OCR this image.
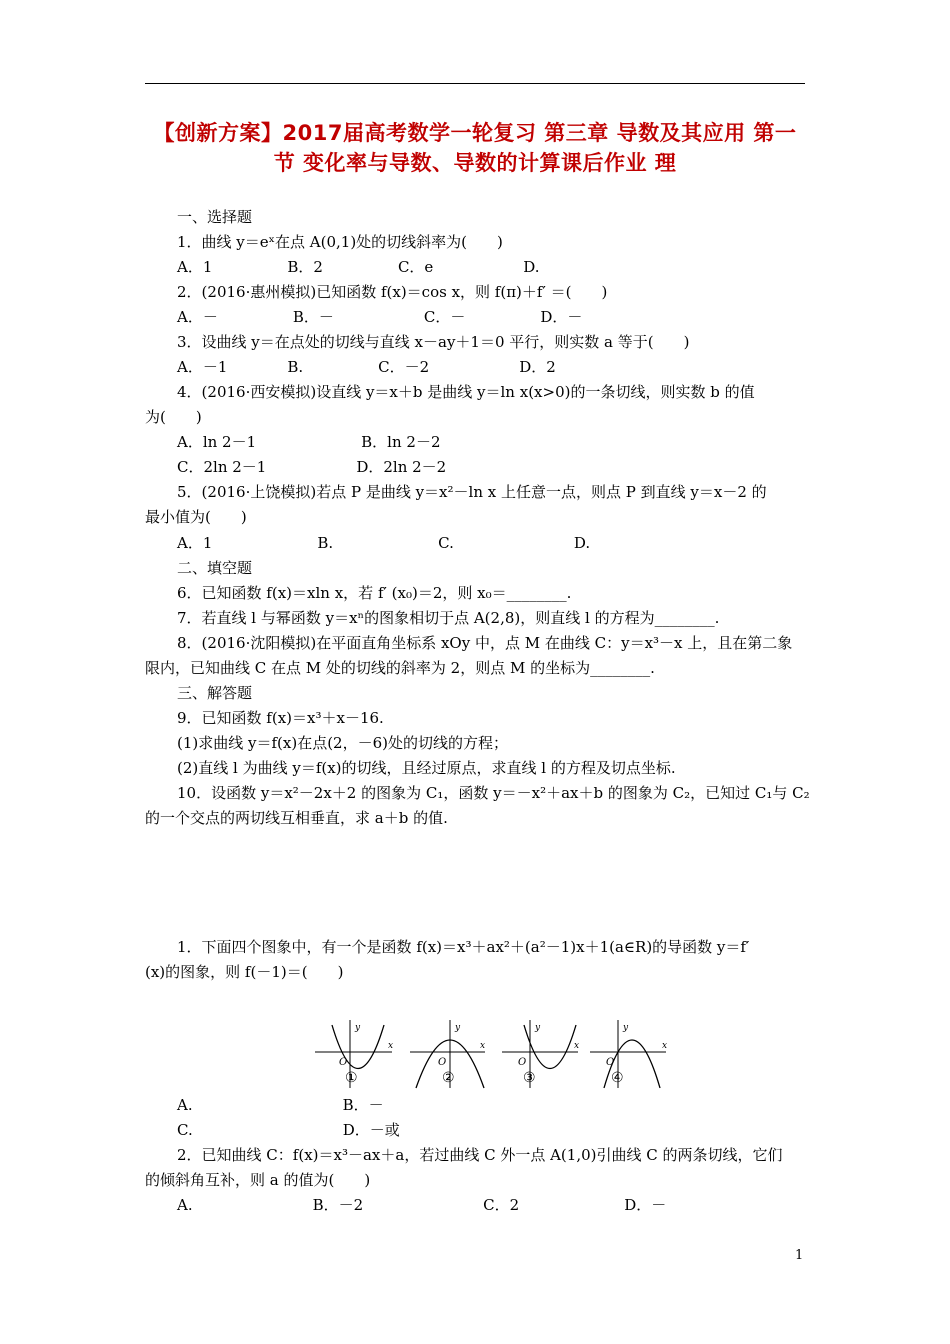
【创新方案】2017届高考数学一轮复习 第三章 导数及其应用 第一
节 变化率与导数、导数的计算课后作业 理
一、选择题
1．曲线 y＝eˣ在点 A(0,1)处的切线斜率为(　　)
A．1　　　　　B．2　　　　　C．e　　　　　　D.
2．(2016·惠州模拟)已知函数 f(x)＝cos x，则 f(π)＋f′ ＝(　　)
A．－　　　　　B．－　　　　　　C．－　　　　　D．－
3．设曲线 y＝在点处的切线与直线 x－ay＋1＝0 平行，则实数 a 等于(　　)
A．－1　　　　B.　　　　　C．－2　　　　　　D．2
4．(2016·西安模拟)设直线 y＝x＋b 是曲线 y＝ln x(x>0)的一条切线，则实数 b 的值
为(　　)
A．ln 2－1　　　　　　　B．ln 2－2
C．2ln 2－1　　　　　　D．2ln 2－2
5．(2016·上饶模拟)若点 P 是曲线 y＝x²－ln x 上任意一点，则点 P 到直线 y＝x－2 的
最小值为(　　)
A．1　　　　　　　B.　　　　　　　C.　　　　　　　　D.
二、填空题
6．已知函数 f(x)＝xln x，若 f′ (x₀)＝2，则 x₀＝________.
7．若直线 l 与幂函数 y＝xⁿ的图象相切于点 A(2,8)，则直线 l 的方程为________.
8．(2016·沈阳模拟)在平面直角坐标系 xOy 中，点 M 在曲线 C：y＝x³－x 上，且在第二象
限内，已知曲线 C 在点 M 处的切线的斜率为 2，则点 M 的坐标为________.
三、解答题
9．已知函数 f(x)＝x³＋x－16.
(1)求曲线 y＝f(x)在点(2，－6)处的切线的方程；
(2)直线 l 为曲线 y＝f(x)的切线，且经过原点，求直线 l 的方程及切点坐标.
10．设函数 y＝x²－2x＋2 的图象为 C₁，函数 y＝－x²＋ax＋b 的图象为 C₂，已知过 C₁与 C₂
的一个交点的两切线互相垂直，求 a＋b 的值.
1．下面四个图象中，有一个是函数 f(x)＝x³＋ax²＋(a²－1)x＋1(a∈R)的导函数 y＝f′
(x)的图象，则 f(－1)＝(　　)
A.　　　　　　　　　　B．－
C.　　　　　　　　　　D．－或
2．已知曲线 C：f(x)＝x³－ax＋a，若过曲线 C 外一点 A(1,0)引曲线 C 的两条切线，它们
的倾斜角互补，则 a 的值为(　　)
A.　　　　　　　　B．－2　　　　　　　　C．2　　　　　　　D．－
y
x
O
y
x
O
y
x
O
y
x
O
①	②	③	④
1
